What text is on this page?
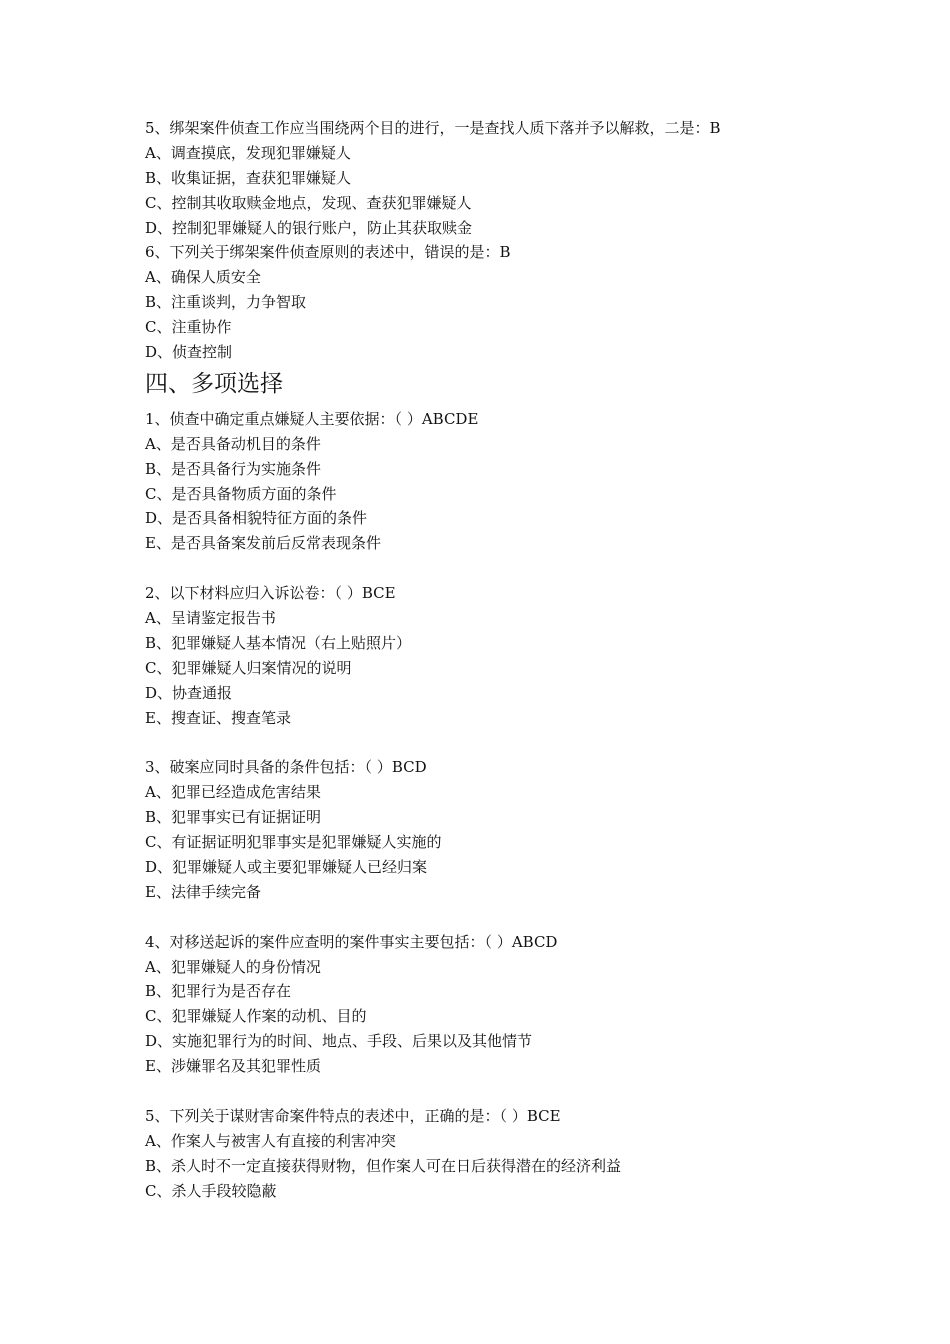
5、绑架案件侦查工作应当围绕两个目的进行，一是查找人质下落并予以解救，二是：B
A、调查摸底，发现犯罪嫌疑人
B、收集证据，查获犯罪嫌疑人
C、控制其收取赎金地点，发现、查获犯罪嫌疑人
D、控制犯罪嫌疑人的银行账户，防止其获取赎金
6、下列关于绑架案件侦查原则的表述中，错误的是：B
A、确保人质安全
B、注重谈判，力争智取
C、注重协作
D、侦查控制
四、多项选择
1、侦查中确定重点嫌疑人主要依据：（ ）ABCDE
A、是否具备动机目的条件
B、是否具备行为实施条件
C、是否具备物质方面的条件
D、是否具备相貌特征方面的条件
E、是否具备案发前后反常表现条件
2、以下材料应归入诉讼卷：（ ）BCE
A、呈请鉴定报告书
B、犯罪嫌疑人基本情况（右上贴照片）
C、犯罪嫌疑人归案情况的说明
D、协查通报
E、搜查证、搜查笔录
3、破案应同时具备的条件包括：（ ）BCD
A、犯罪已经造成危害结果
B、犯罪事实已有证据证明
C、有证据证明犯罪事实是犯罪嫌疑人实施的
D、犯罪嫌疑人或主要犯罪嫌疑人已经归案
E、法律手续完备
4、对移送起诉的案件应查明的案件事实主要包括：（ ）ABCD
A、犯罪嫌疑人的身份情况
B、犯罪行为是否存在
C、犯罪嫌疑人作案的动机、目的
D、实施犯罪行为的时间、地点、手段、后果以及其他情节
E、涉嫌罪名及其犯罪性质
5、下列关于谋财害命案件特点的表述中，正确的是：（ ）BCE
A、作案人与被害人有直接的利害冲突
B、杀人时不一定直接获得财物，但作案人可在日后获得潜在的经济利益
C、杀人手段较隐蔽
